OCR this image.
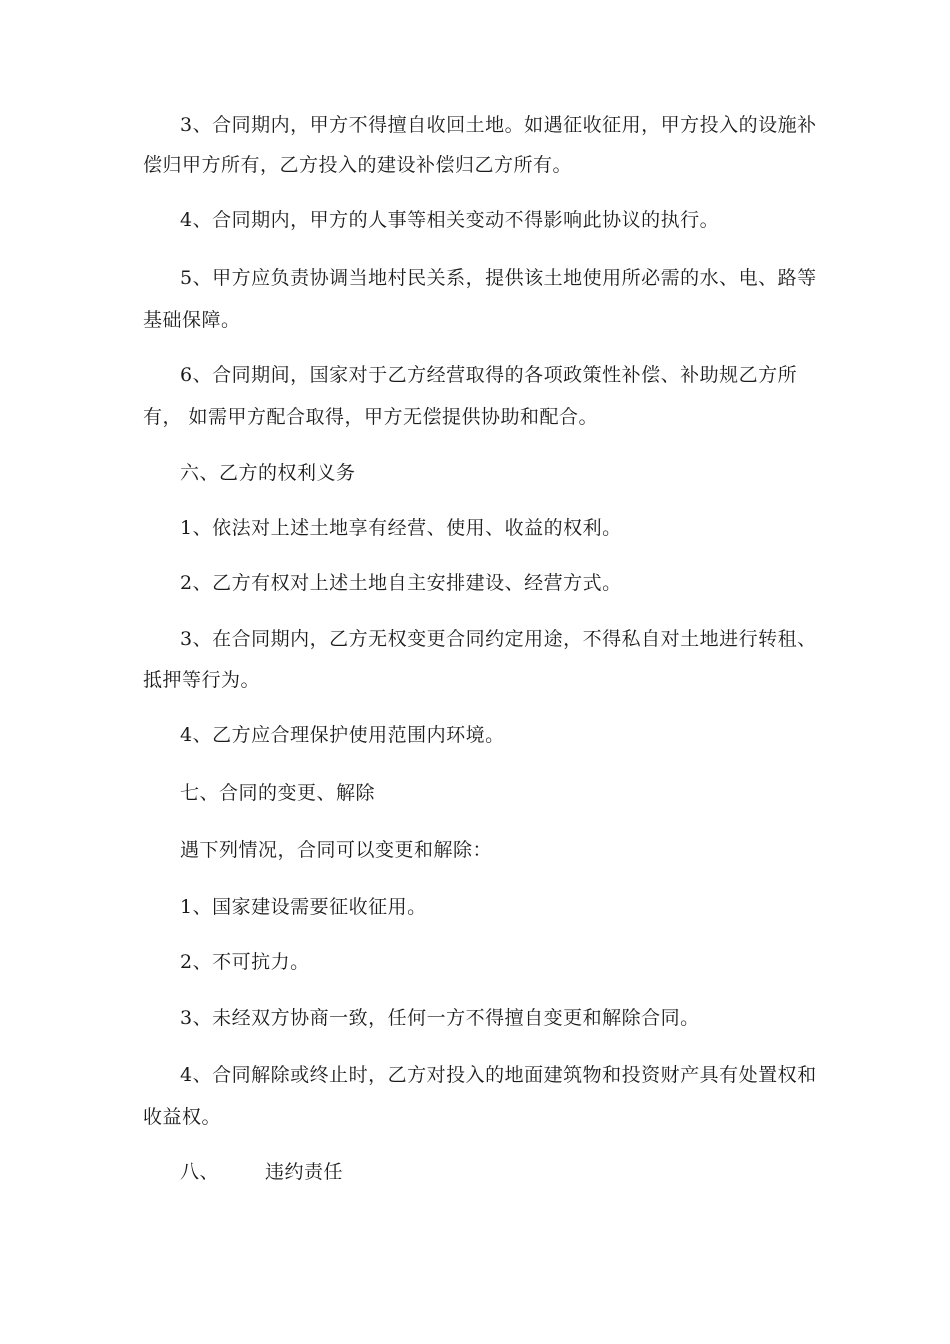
3、合同期内，甲方不得擅自收回土地。如遇征收征用，甲方投入的设施补
偿归甲方所有，乙方投入的建设补偿归乙方所有。
4、合同期内，甲方的人事等相关变动不得影响此协议的执行。
5、甲方应负责协调当地村民关系，提供该土地使用所必需的水、电、路等
基础保障。
6、合同期间，国家对于乙方经营取得的各项政策性补偿、补助规乙方所
有， 如需甲方配合取得，甲方无偿提供协助和配合。
六、乙方的权利义务
1、依法对上述土地享有经营、使用、收益的权利。
2、乙方有权对上述土地自主安排建设、经营方式。
3、在合同期内，乙方无权变更合同约定用途，不得私自对土地进行转租、
抵押等行为。
4、乙方应合理保护使用范围内环境。
七、合同的变更、解除
遇下列情况，合同可以变更和解除：
1、国家建设需要征收征用。
2、不可抗力。
3、未经双方协商一致，任何一方不得擅自变更和解除合同。
4、合同解除或终止时，乙方对投入的地面建筑物和投资财产具有处置权和
收益权。
八、 违约责任
